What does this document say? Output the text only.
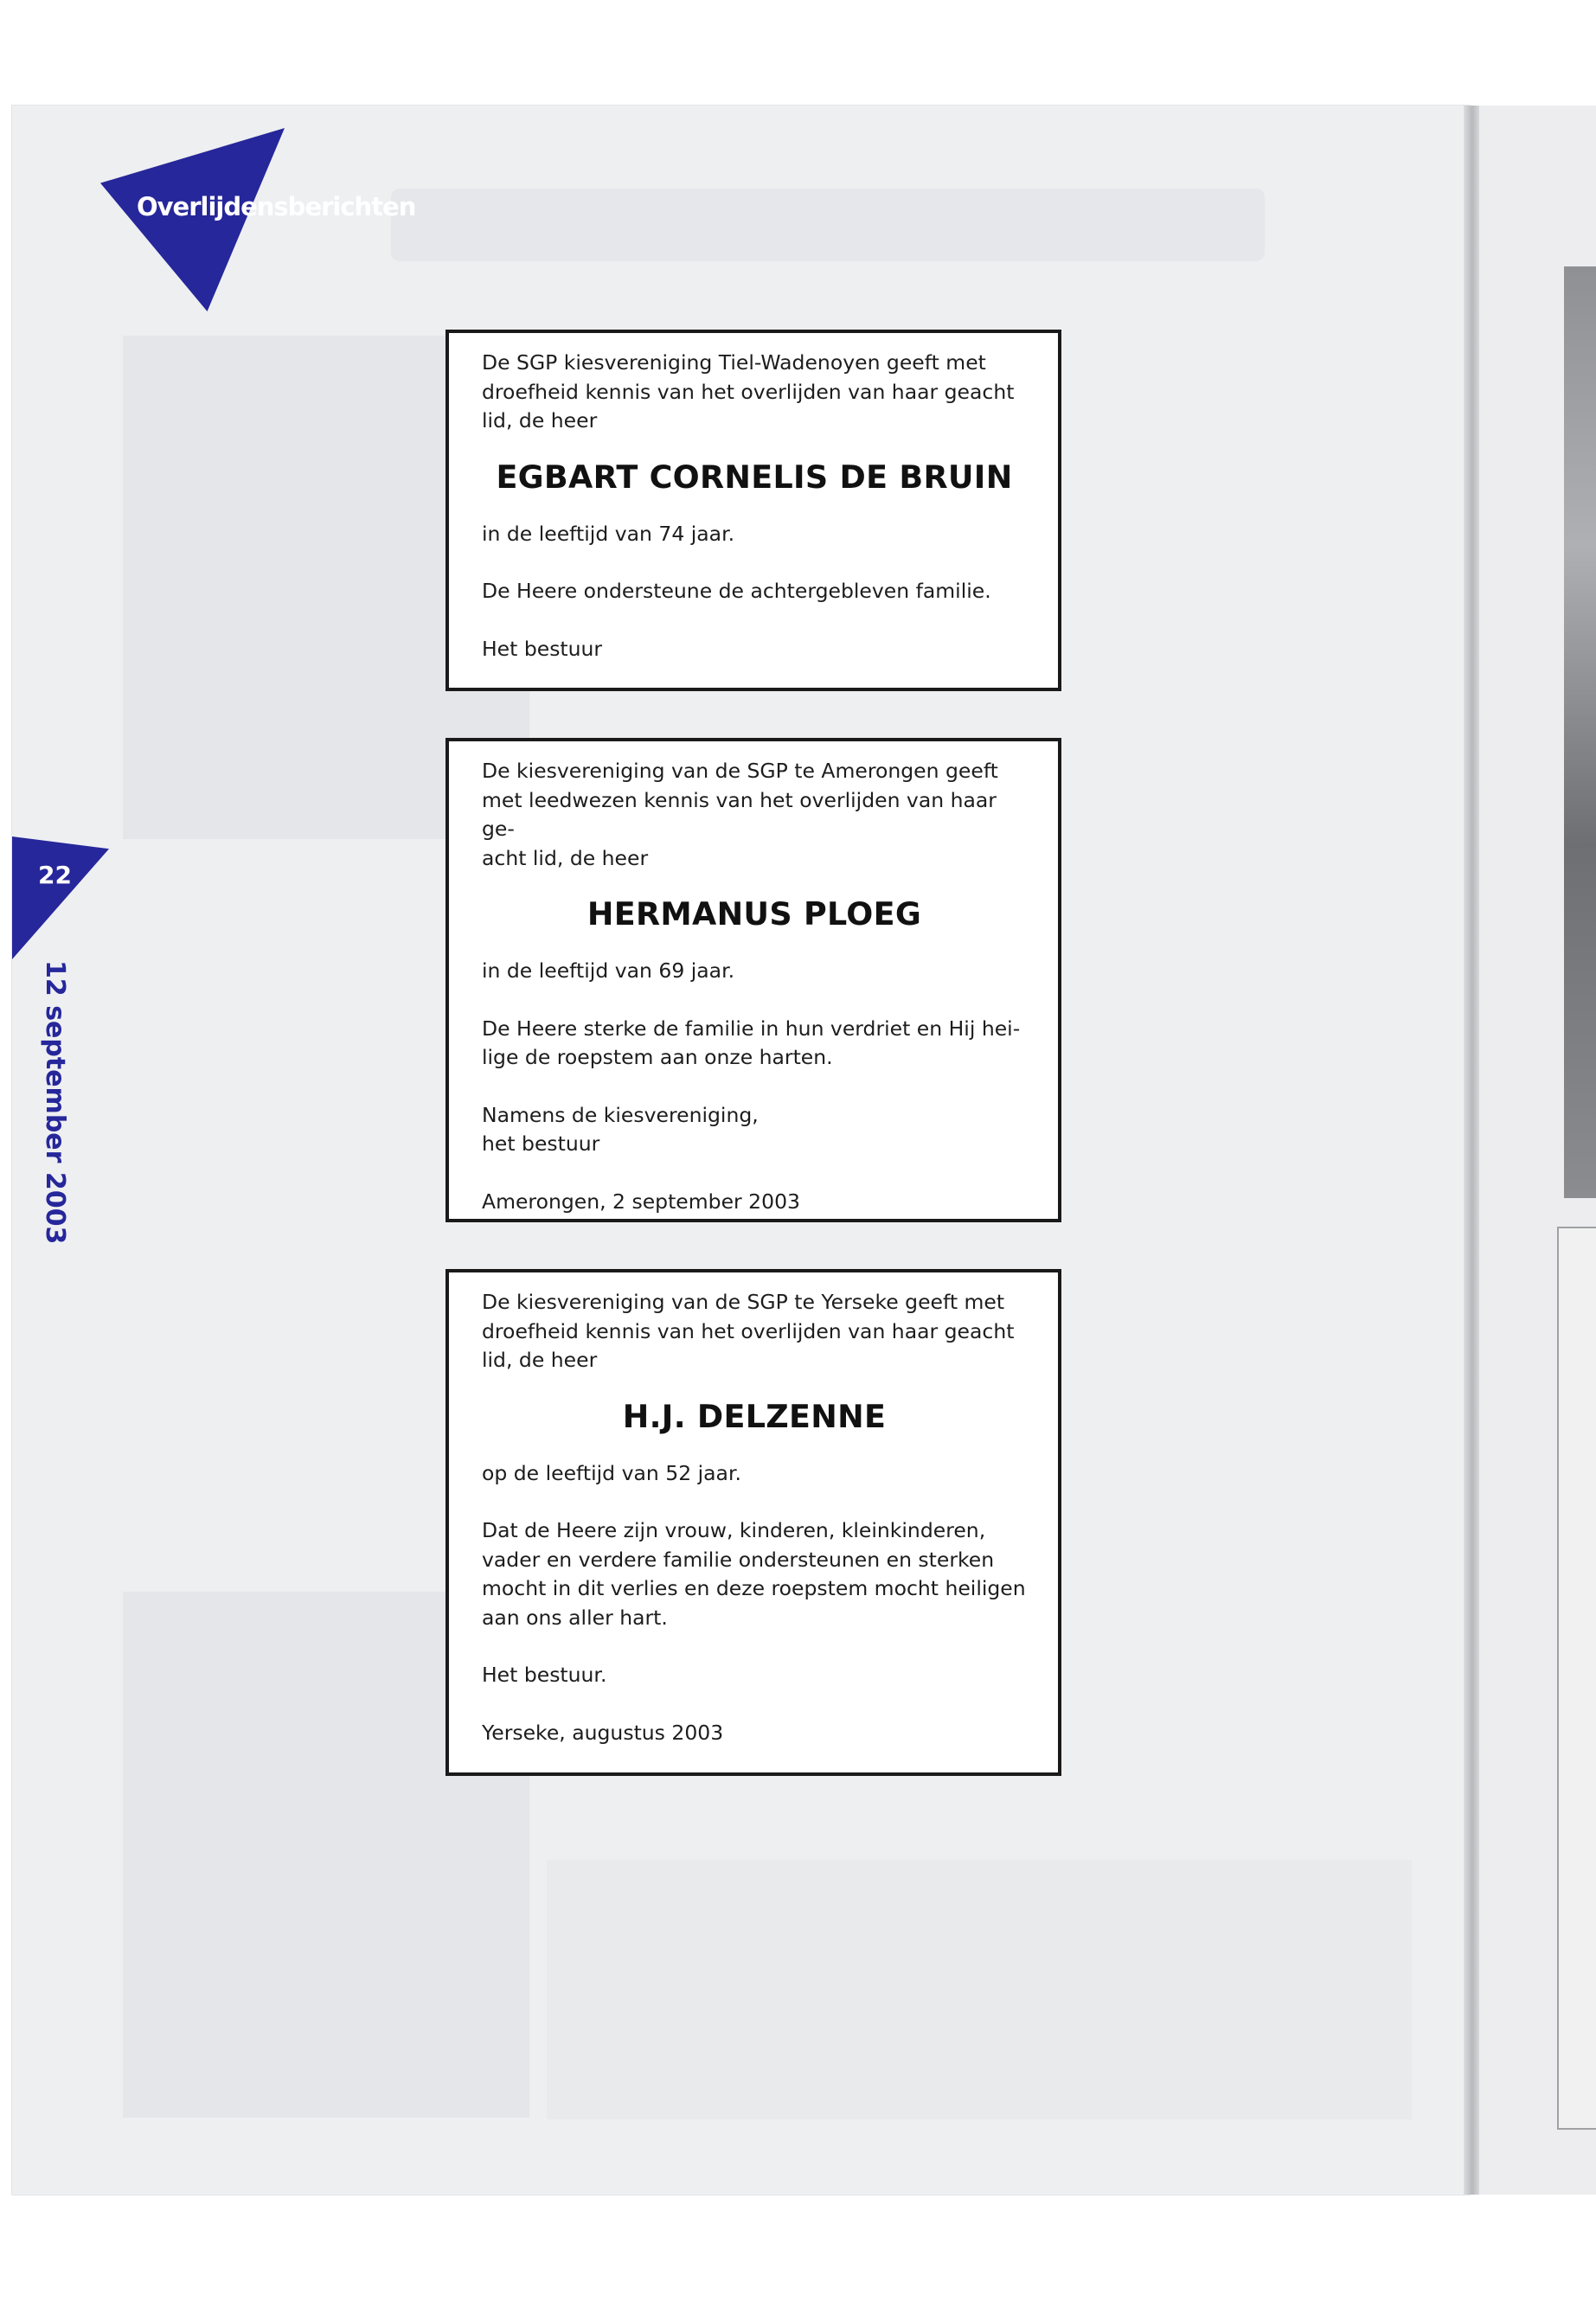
Overlijdensberichten
22
12 september 2003

De SGP kiesvereniging Tiel-Wadenoyen geeft met
droefheid kennis van het overlijden van haar geacht
lid, de heer

EGBART CORNELIS DE BRUIN

in de leeftijd van 74 jaar.

De Heere ondersteune de achtergebleven familie.

Het bestuur

De kiesvereniging van de SGP te Amerongen geeft
met leedwezen kennis van het overlijden van haar ge-
acht lid, de heer

HERMANUS PLOEG

in de leeftijd van 69 jaar.

De Heere sterke de familie in hun verdriet en Hij hei-
lige de roepstem aan onze harten.

Namens de kiesvereniging,
het bestuur

Amerongen, 2 september 2003

De kiesvereniging van de SGP te Yerseke geeft met
droefheid kennis van het overlijden van haar geacht
lid, de heer

H.J. DELZENNE

op de leeftijd van 52 jaar.

Dat de Heere zijn vrouw, kinderen, kleinkinderen,
vader en verdere familie ondersteunen en sterken
mocht in dit verlies en deze roepstem mocht heiligen
aan ons aller hart.

Het bestuur.

Yerseke, augustus 2003
